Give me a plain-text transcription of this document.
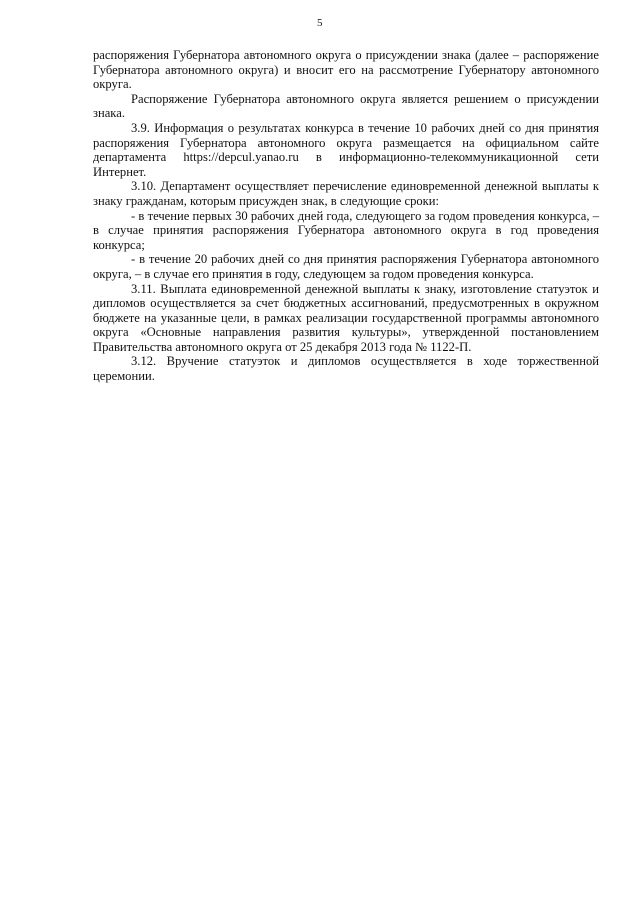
5

распоряжения Губернатора автономного округа о присуждении знака (далее – распоряжение Губернатора автономного округа) и вносит его на рассмотрение Губернатору автономного округа.

Распоряжение Губернатора автономного округа является решением о присуждении знака.

3.9. Информация о результатах конкурса в течение 10 рабочих дней со дня принятия распоряжения Губернатора автономного округа размещается на официальном сайте департамента https://depcul.yanao.ru в информационно-телекоммуникационной сети Интернет.

3.10. Департамент осуществляет перечисление единовременной денежной выплаты к знаку гражданам, которым присужден знак, в следующие сроки:

- в течение первых 30 рабочих дней года, следующего за годом проведения конкурса, – в случае принятия распоряжения Губернатора автономного округа в год проведения конкурса;

- в течение 20 рабочих дней со дня принятия распоряжения Губернатора автономного округа, – в случае его принятия в году, следующем за годом проведения конкурса.

3.11. Выплата единовременной денежной выплаты к знаку, изготовление статуэток и дипломов осуществляется за счет бюджетных ассигнований, предусмотренных в окружном бюджете на указанные цели, в рамках реализации государственной программы автономного округа «Основные направления развития культуры», утвержденной постановлением Правительства автономного округа от 25 декабря 2013 года № 1122-П.

3.12. Вручение статуэток и дипломов осуществляется в ходе торжественной церемонии.
